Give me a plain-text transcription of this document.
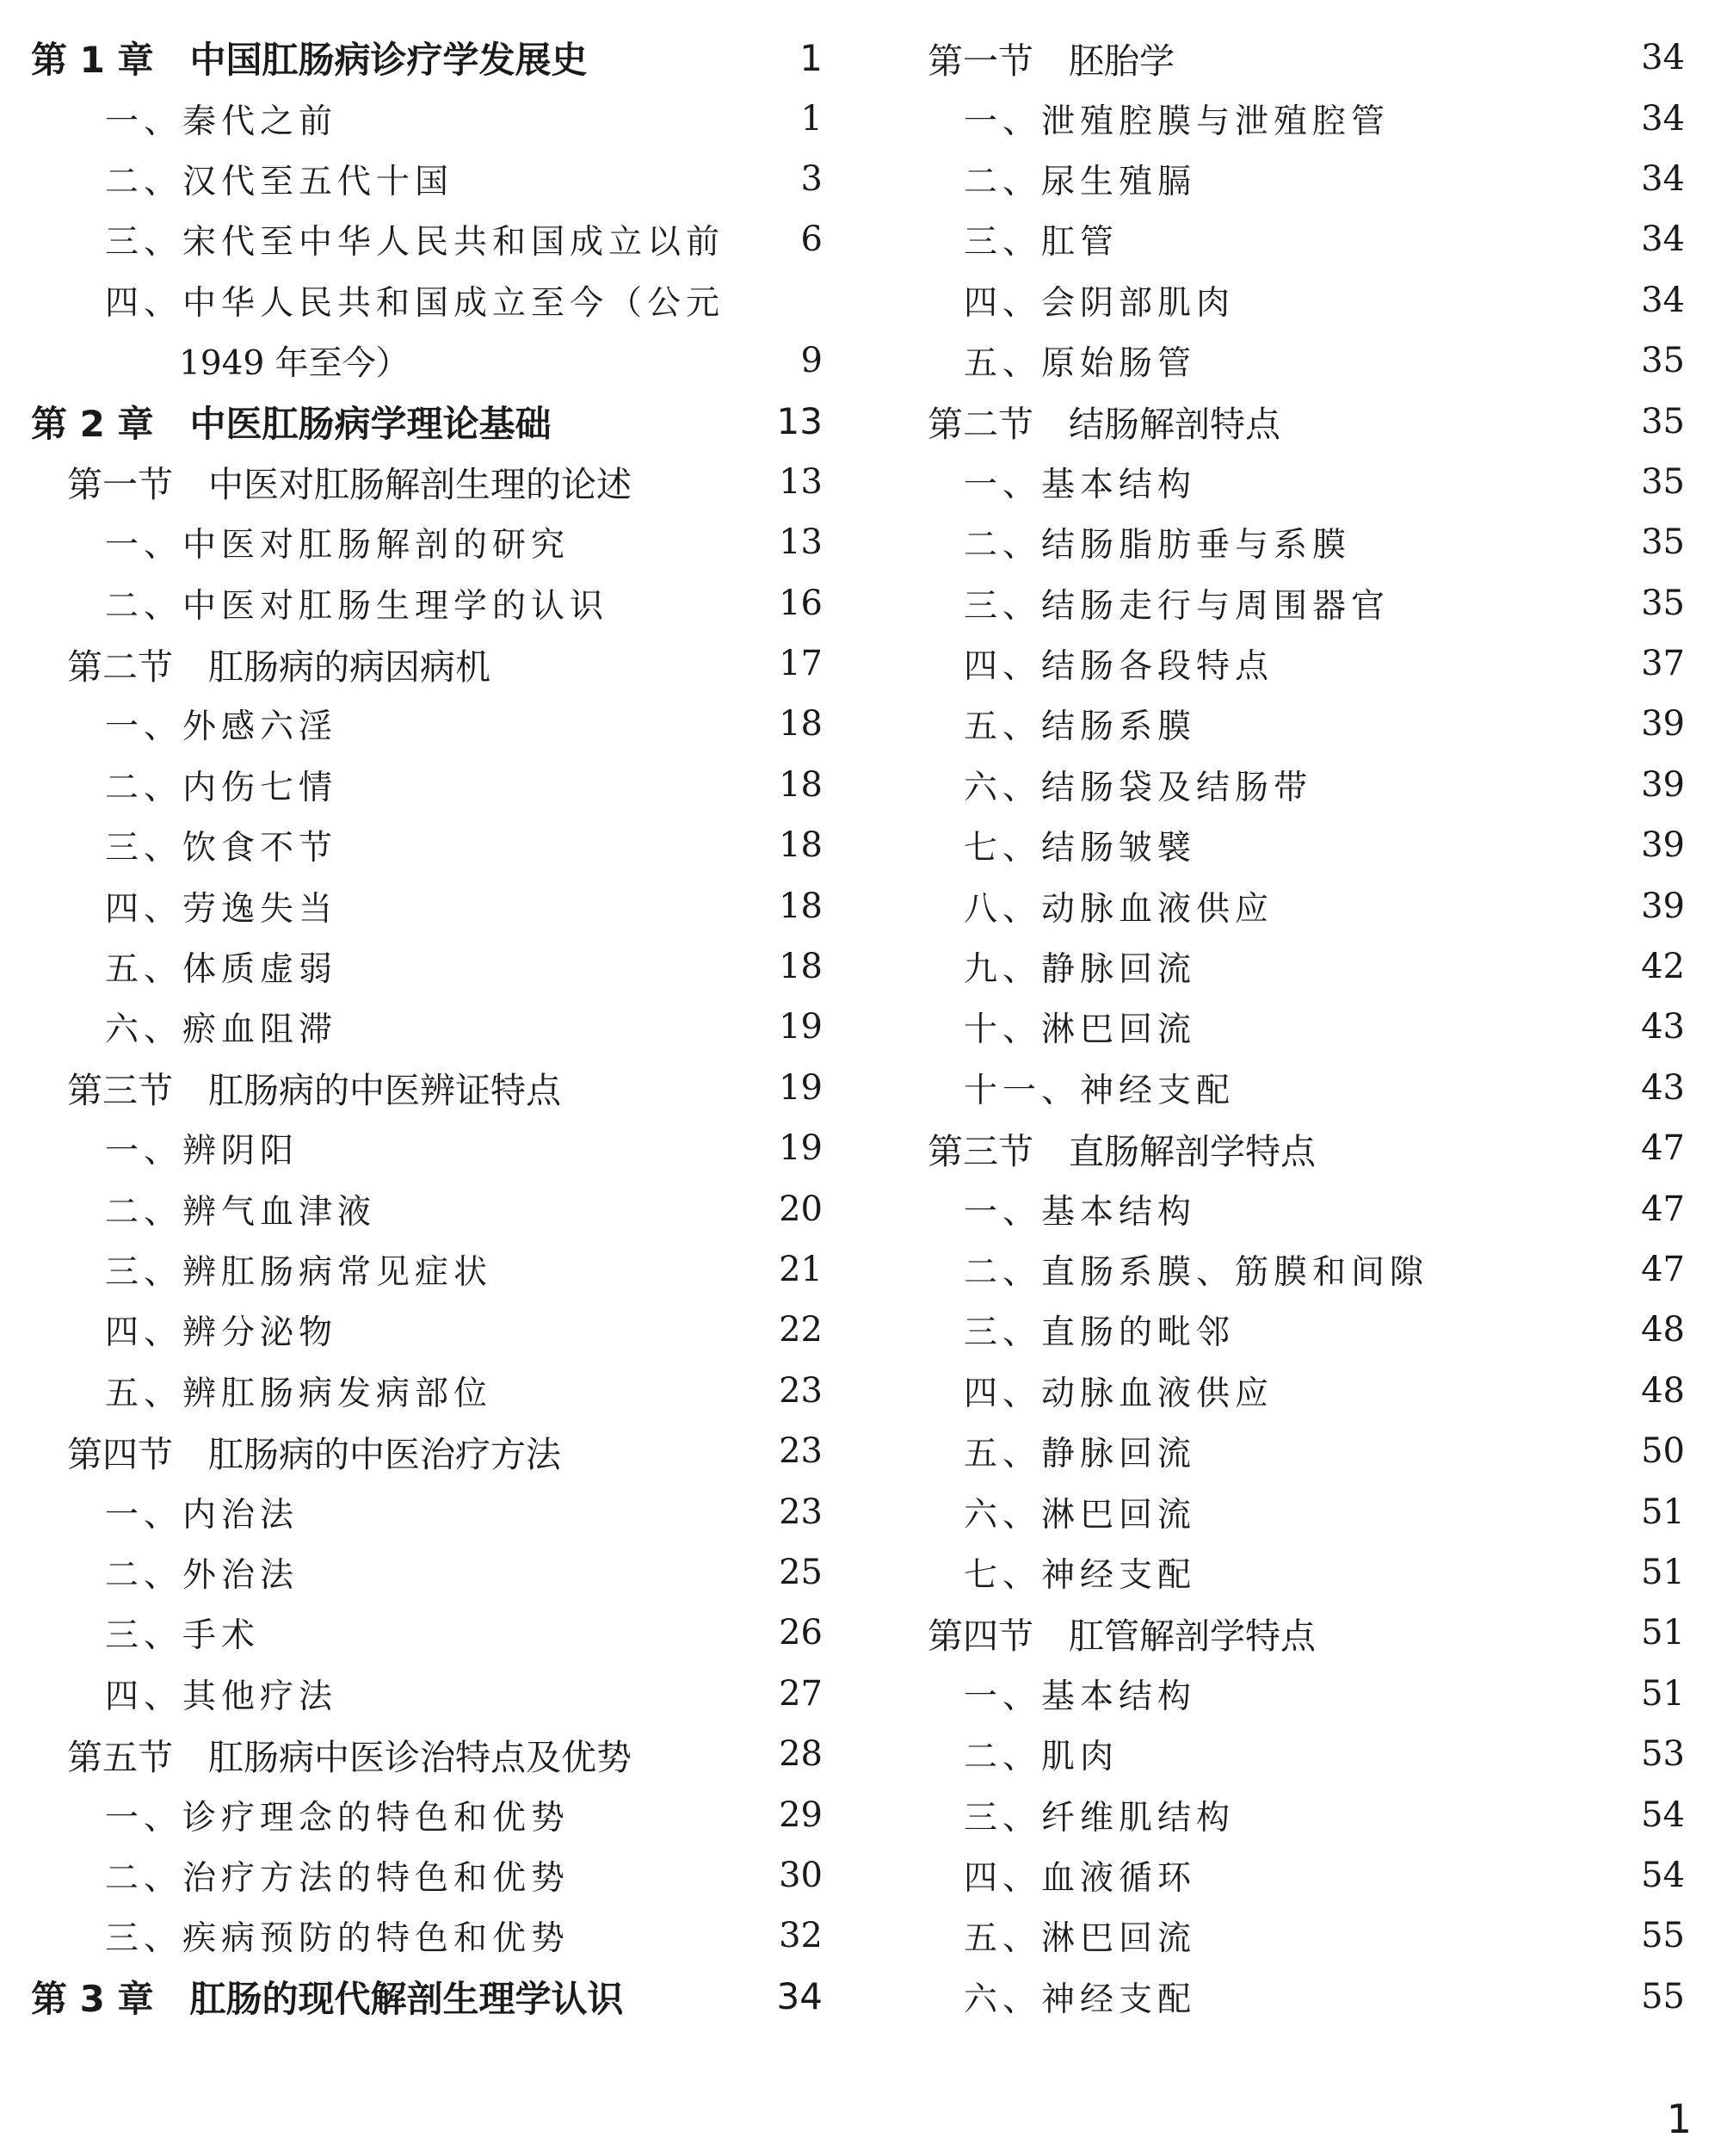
第 1 章　中国肛肠病诊疗学发展史	1
一、秦代之前	1
二、汉代至五代十国	3
三、宋代至中华人民共和国成立以前	6
四、中华人民共和国成立至今（公元
1949 年至今）	9
第 2 章　中医肛肠病学理论基础	13
第一节　中医对肛肠解剖生理的论述	13
一、中医对肛肠解剖的研究	13
二、中医对肛肠生理学的认识	16
第二节　肛肠病的病因病机	17
一、外感六淫	18
二、内伤七情	18
三、饮食不节	18
四、劳逸失当	18
五、体质虚弱	18
六、瘀血阻滞	19
第三节　肛肠病的中医辨证特点	19
一、辨阴阳	19
二、辨气血津液	20
三、辨肛肠病常见症状	21
四、辨分泌物	22
五、辨肛肠病发病部位	23
第四节　肛肠病的中医治疗方法	23
一、内治法	23
二、外治法	25
三、手术	26
四、其他疗法	27
第五节　肛肠病中医诊治特点及优势	28
一、诊疗理念的特色和优势	29
二、治疗方法的特色和优势	30
三、疾病预防的特色和优势	32
第 3 章　肛肠的现代解剖生理学认识	34
第一节　胚胎学	34
一、泄殖腔膜与泄殖腔管	34
二、尿生殖膈	34
三、肛管	34
四、会阴部肌肉	34
五、原始肠管	35
第二节　结肠解剖特点	35
一、基本结构	35
二、结肠脂肪垂与系膜	35
三、结肠走行与周围器官	35
四、结肠各段特点	37
五、结肠系膜	39
六、结肠袋及结肠带	39
七、结肠皱襞	39
八、动脉血液供应	39
九、静脉回流	42
十、淋巴回流	43
十一、神经支配	43
第三节　直肠解剖学特点	47
一、基本结构	47
二、直肠系膜、筋膜和间隙	47
三、直肠的毗邻	48
四、动脉血液供应	48
五、静脉回流	50
六、淋巴回流	51
七、神经支配	51
第四节　肛管解剖学特点	51
一、基本结构	51
二、肌肉	53
三、纤维肌结构	54
四、血液循环	54
五、淋巴回流	55
六、神经支配	55
1
